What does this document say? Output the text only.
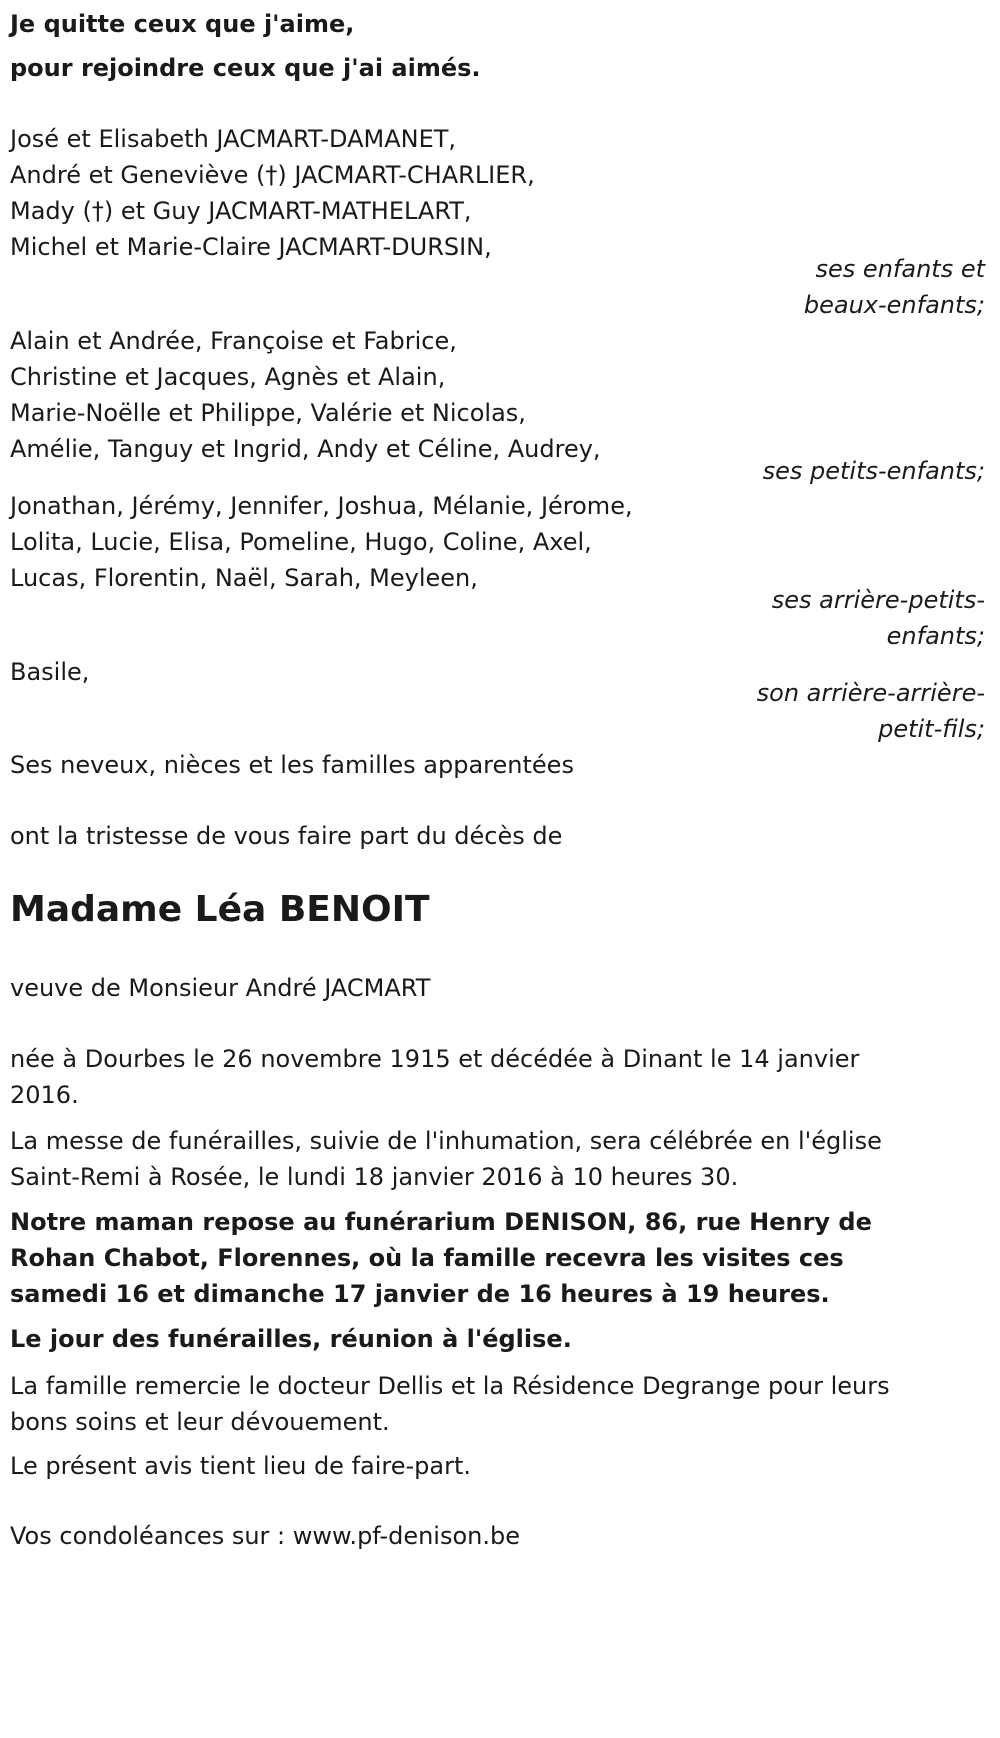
Je quitte ceux que j'aime,
pour rejoindre ceux que j'ai aimés.
José et Elisabeth JACMART-DAMANET,
André et Geneviève (†) JACMART-CHARLIER,
Mady (†) et Guy JACMART-MATHELART,
Michel et Marie-Claire JACMART-DURSIN,
ses enfants et
beaux-enfants;
Alain et Andrée, Françoise et Fabrice,
Christine et Jacques, Agnès et Alain,
Marie-Noëlle et Philippe, Valérie et Nicolas,
Amélie, Tanguy et Ingrid, Andy et Céline, Audrey,
ses petits-enfants;
Jonathan, Jérémy, Jennifer, Joshua, Mélanie, Jérome,
Lolita, Lucie, Elisa, Pomeline, Hugo, Coline, Axel,
Lucas, Florentin, Naël, Sarah, Meyleen,
ses arrière-petits-
enfants;
Basile,
son arrière-arrière-
petit-fils;
Ses neveux, nièces et les familles apparentées
ont la tristesse de vous faire part du décès de
Madame Léa BENOIT
veuve de Monsieur André JACMART
née à Dourbes le 26 novembre 1915 et décédée à Dinant le 14 janvier 2016.
La messe de funérailles, suivie de l'inhumation, sera célébrée en l'église Saint-Remi à Rosée, le lundi 18 janvier 2016 à 10 heures 30.
Notre maman repose au funérarium DENISON, 86, rue Henry de Rohan Chabot, Florennes, où la famille recevra les visites ces samedi 16 et dimanche 17 janvier de 16 heures à 19 heures.
Le jour des funérailles, réunion à l'église.
La famille remercie le docteur Dellis et la Résidence Degrange pour leurs bons soins et leur dévouement.
Le présent avis tient lieu de faire-part.
Vos condoléances sur : www.pf-denison.be
